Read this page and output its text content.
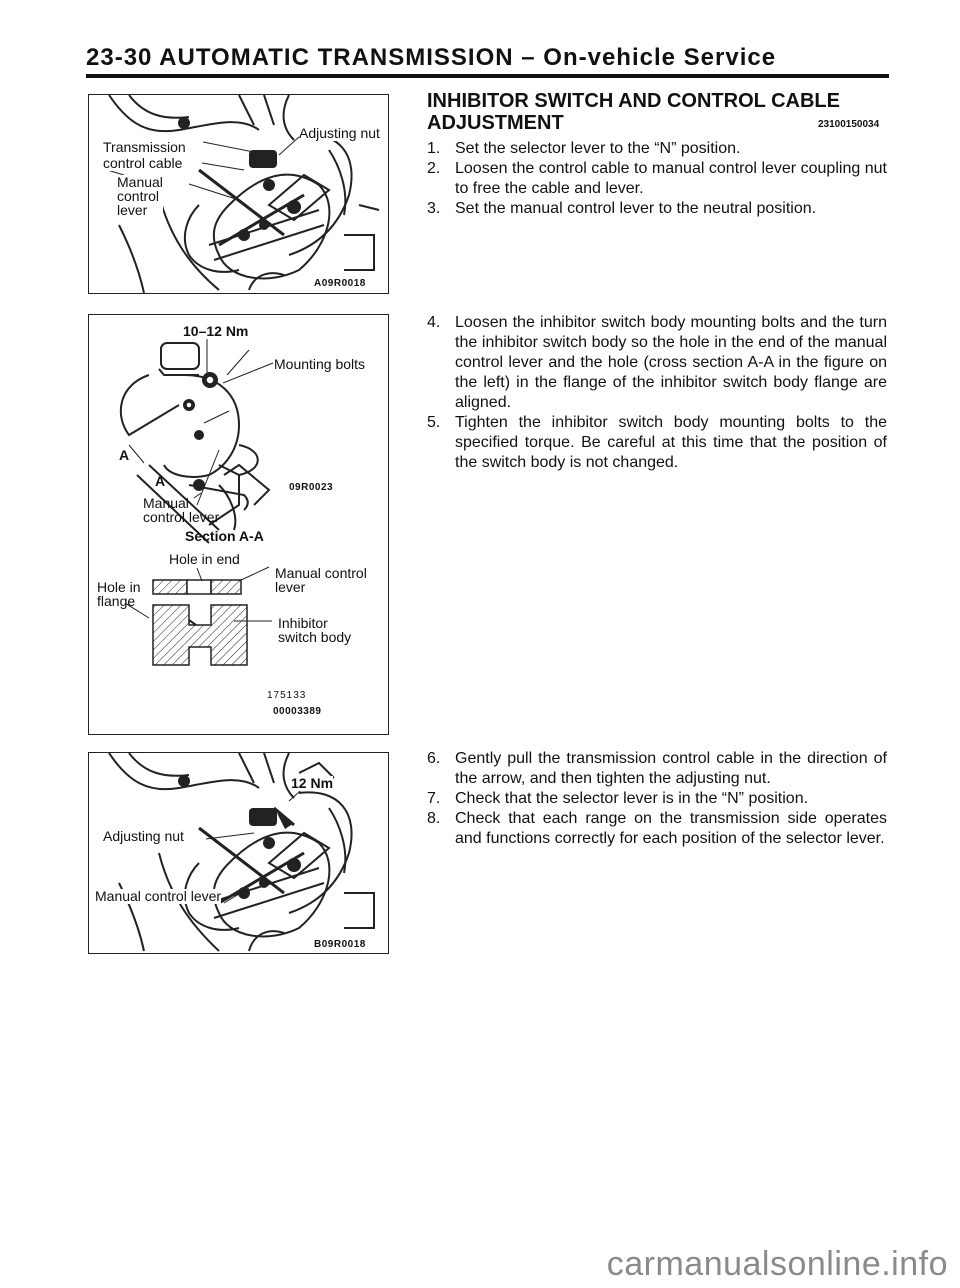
23-30 AUTOMATIC TRANSMISSION – On-vehicle Service
Transmission
control cable
Manual
control
lever
Adjusting nut
A09R0018
10–12 Nm
Mounting bolts
A
A
Manual
control lever
09R0023
Section A-A
Hole in end
Hole in
flange
Manual control
lever
Inhibitor
switch body
175133
00003389
12 Nm
Adjusting nut
Manual control lever
B09R0018
INHIBITOR SWITCH AND CONTROL CABLE
ADJUSTMENT	23100150034
1. Set the selector lever to the “N” position.
2. Loosen the control cable to manual control lever coupling nut to free the cable and lever.
3. Set the manual control lever to the neutral position.
4. Loosen the inhibitor switch body mounting bolts and the turn the inhibitor switch body so the hole in the end of the manual control lever and the hole (cross section A-A in the figure on the left) in the flange of the inhibitor switch body flange are aligned.
5. Tighten the inhibitor switch body mounting bolts to the specified torque. Be careful at this time that the position of the switch body is not changed.
6. Gently pull the transmission control cable in the direction of the arrow, and then tighten the adjusting nut.
7. Check that the selector lever is in the “N” position.
8. Check that each range on the transmission side operates and functions correctly for each position of the selector lever.
carmanualsonline.info
